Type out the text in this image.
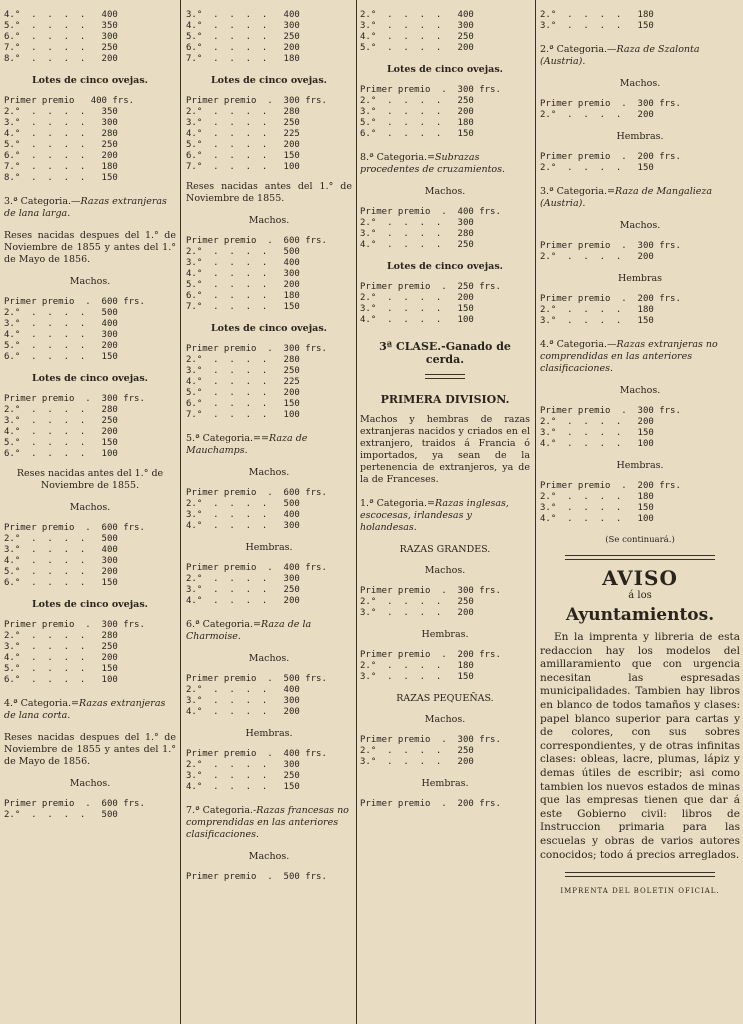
4.°  .  .  .  .   400
5.°  .  .  .  .   350
6.°  .  .  .  .   300
7.°  .  .  .  .   250
8.°  .  .  .  .   200
Lotes de cinco ovejas.
Primer premio   400 frs.
2.°  .  .  .  .   350
3.°  .  .  .  .   300
4.°  .  .  .  .   280
5.°  .  .  .  .   250
6.°  .  .  .  .   200
7.°  .  .  .  .   180
8.°  .  .  .  .   150
3.ª Categoria.—Razas extranjeras de lana larga.
Reses nacidas despues del 1.° de Noviembre de 1855 y antes del 1.° de Mayo de 1856.
Machos.
Primer premio  .  600 frs.
2.°  .  .  .  .   500
3.°  .  .  .  .   400
4.°  .  .  .  .   300
5.°  .  .  .  .   200
6.°  .  .  .  .   150
Lotes de cinco ovejas.
Primer premio  .  300 frs.
2.°  .  .  .  .   280
3.°  .  .  .  .   250
4.°  .  .  .  .   200
5.°  .  .  .  .   150
6.°  .  .  .  .   100
Reses nacidas antes del 1.° de Noviembre de 1855.
Machos.
Primer premio  .  600 frs.
2.°  .  .  .  .   500
3.°  .  .  .  .   400
4.°  .  .  .  .   300
5.°  .  .  .  .   200
6.°  .  .  .  .   150
Lotes de cinco ovejas.
Primer premio  .  300 frs.
2.°  .  .  .  .   280
3.°  .  .  .  .   250
4.°  .  .  .  .   200
5.°  .  .  .  .   150
6.°  .  .  .  .   100
4.ª Categoria.=Razas extranjeras de lana corta.
Reses nacidas despues del 1.° de Noviembre de 1855 y antes del 1.° de Mayo de 1856.
Machos.
Primer premio  .  600 frs.
2.°  .  .  .  .   500
3.°  .  .  .  .   400
4.°  .  .  .  .   300
5.°  .  .  .  .   250
6.°  .  .  .  .   200
7.°  .  .  .  .   180
Lotes de cinco ovejas.
Primer premio  .  300 frs.
2.°  .  .  .  .   280
3.°  .  .  .  .   250
4.°  .  .  .  .   225
5.°  .  .  .  .   200
6.°  .  .  .  .   150
7.°  .  .  .  .   100
Reses nacidas antes del 1.° de Noviembre de 1855.
Machos.
Primer premio  .  600 frs.
2.°  .  .  .  .   500
3.°  .  .  .  .   400
4.°  .  .  .  .   300
5.°  .  .  .  .   200
6.°  .  .  .  .   180
7.°  .  .  .  .   150
Lotes de cinco ovejas.
Primer premio  .  300 frs.
2.°  .  .  .  .   280
3.°  .  .  .  .   250
4.°  .  .  .  .   225
5.°  .  .  .  .   200
6.°  .  .  .  .   150
7.°  .  .  .  .   100
5.ª Categoria.==Raza de Mauchamps.
Machos.
Primer premio  .  600 frs.
2.°  .  .  .  .   500
3.°  .  .  .  .   400
4.°  .  .  .  .   300
Hembras.
Primer premio  .  400 frs.
2.°  .  .  .  .   300
3.°  .  .  .  .   250
4.°  .  .  .  .   200
6.ª Categoria.=Raza de la Charmoise.
Machos.
Primer premio  .  500 frs.
2.°  .  .  .  .   400
3.°  .  .  .  .   300
4.°  .  .  .  .   200
Hembras.
Primer premio  .  400 frs.
2.°  .  .  .  .   300
3.°  .  .  .  .   250
4.°  .  .  .  .   150
7.ª Categoria.-Razas francesas no comprendidas en las anteriores clasificaciones.
Machos.
Primer premio  .  500 frs.
2.°  .  .  .  .   400
3.°  .  .  .  .   300
4.°  .  .  .  .   250
5.°  .  .  .  .   200
Lotes de cinco ovejas.
Primer premio  .  300 frs.
2.°  .  .  .  .   250
3.°  .  .  .  .   200
5.°  .  .  .  .   180
6.°  .  .  .  .   150
8.ª Categoria.=Subrazas procedentes de cruzamientos.
Machos.
Primer premio  .  400 frs.
2.°  .  .  .  .   300
3.°  .  .  .  .   280
4.°  .  .  .  .   250
Lotes de cinco ovejas.
Primer premio  .  250 frs.
2.°  .  .  .  .   200
3.°  .  .  .  .   150
4.°  .  .  .  .   100
3ª CLASE.-Ganado de cerda.
PRIMERA DIVISION.
Machos y hembras de razas extranjeras nacidos y criados en el extranjero, traidos á Francia ó importados, ya sean de la pertenencia de extranjeros, ya de la de Franceses.
1.ª Categoria.=Razas inglesas, escocesas, irlandesas y holandesas.
RAZAS GRANDES.
Machos.
Primer premio  .  300 frs.
2.°  .  .  .  .   250
3.°  .  .  .  .   200
Hembras.
Primer premio  .  200 frs.
2.°  .  .  .  .   180
3.°  .  .  .  .   150
RAZAS PEQUEÑAS.
Machos.
Primer premio  .  300 frs.
2.°  .  .  .  .   250
3.°  .  .  .  .   200
Hembras.
Primer premio  .  200 frs.
2.°  .  .  .  .   180
3.°  .  .  .  .   150
2.ª Categoria.—Raza de Szalonta (Austria).
Machos.
Primer premio  .  300 frs.
2.°  .  .  .  .   200
Hembras.
Primer premio  .  200 frs.
2.°  .  .  .  .   150
3.ª Categoria.=Raza de Mangalieza (Austria).
Machos.
Primer premio  .  300 frs.
2.°  .  .  .  .   200
Hembras
Primer premio  .  200 frs.
2.°  .  .  .  .   180
3.°  .  .  .  .   150
4.ª Categoria.—Razas extranjeras no comprendidas en las anteriores clasificaciones.
Machos.
Primer premio  .  300 frs.
2.°  .  .  .  .   200
3.°  .  .  .  .   150
4.°  .  .  .  .   100
Hembras.
Primer premio  .  200 frs.
2.°  .  .  .  .   180
3.°  .  .  .  .   150
4.°  .  .  .  .   100
(Se continuará.)
AVISO
á los
Ayuntamientos.
En la imprenta y libreria de esta redaccion hay los modelos del amillaramiento que con urgencia necesitan las espresadas municipalidades. Tambien hay libros en blanco de todos tamaños y clases: papel blanco superior para cartas y de colores, con sus sobres correspondientes, y de otras infinitas clases: obleas, lacre, plumas, lápiz y demas útiles de escribir; asi como tambien los nuevos estados de minas que las empresas tienen que dar á este Gobierno civil: libros de Instruccion primaria para las escuelas y obras de varios autores conocidos; todo á precios arreglados.
IMPRENTA DEL BOLETIN OFICIAL.
